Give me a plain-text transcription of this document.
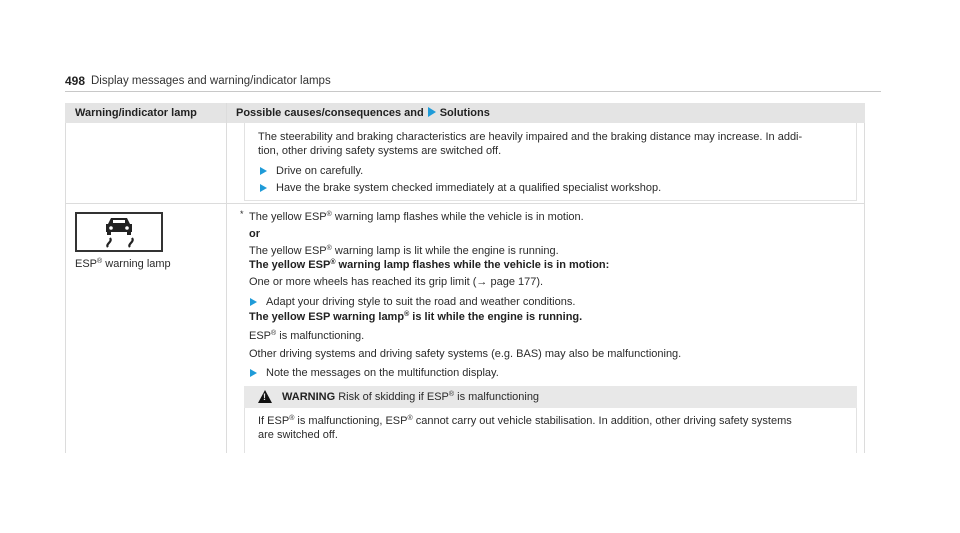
498 Display messages and warning/indicator lamps
Warning/indicator lamp	Possible causes/consequences and Solutions
The steerability and braking characteristics are heavily impaired and the braking distance may increase. In addi-
tion, other driving safety systems are switched off.
Drive on carefully.
Have the brake system checked immediately at a qualified specialist workshop.
ESP® warning lamp
* The yellow ESP® warning lamp flashes while the vehicle is in motion.
or
The yellow ESP® warning lamp is lit while the engine is running.
The yellow ESP® warning lamp flashes while the vehicle is in motion:
One or more wheels has reached its grip limit (→ page 177).
Adapt your driving style to suit the road and weather conditions.
The yellow ESP warning lamp® is lit while the engine is running.
ESP® is malfunctioning.
Other driving systems and driving safety systems (e.g. BAS) may also be malfunctioning.
Note the messages on the multifunction display.
! WARNING Risk of skidding if ESP® is malfunctioning
If ESP® is malfunctioning, ESP® cannot carry out vehicle stabilisation. In addition, other driving safety systems
are switched off.
